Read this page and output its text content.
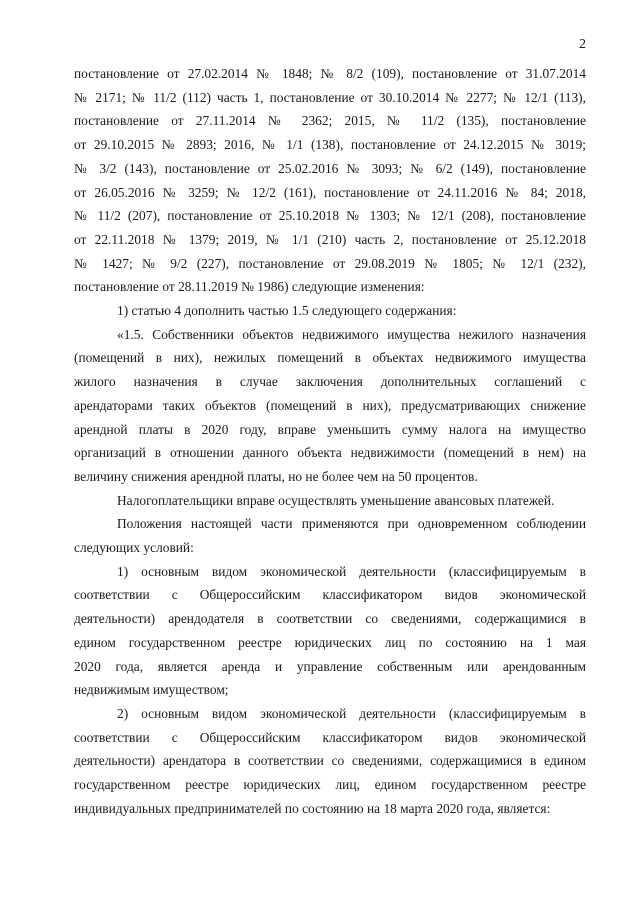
2

постановление от 27.02.2014 № 1848; № 8/2 (109), постановление от 31.07.2014

№ 2171; № 11/2 (112) часть 1, постановление от 30.10.2014 № 2277; № 12/1 (113),

постановление от 27.11.2014 № 2362; 2015, № 11/2 (135), постановление

от 29.10.2015 № 2893; 2016, № 1/1 (138), постановление от 24.12.2015 № 3019;

№ 3/2 (143), постановление от 25.02.2016 № 3093; № 6/2 (149), постановление

от 26.05.2016 № 3259; № 12/2 (161), постановление от 24.11.2016 № 84; 2018,

№ 11/2 (207), постановление от 25.10.2018 № 1303; № 12/1 (208), постановление

от 22.11.2018 № 1379; 2019, № 1/1 (210) часть 2, постановление от 25.12.2018

№ 1427; № 9/2 (227), постановление от 29.08.2019 № 1805; № 12/1 (232),

постановление от 28.11.2019 № 1986) следующие изменения:

1) статью 4 дополнить частью 1.5 следующего содержания:

«1.5. Собственники объектов недвижимого имущества нежилого назначения

(помещений в них), нежилых помещений в объектах недвижимого имущества

жилого назначения в случае заключения дополнительных соглашений с

арендаторами таких объектов (помещений в них), предусматривающих снижение

арендной платы в 2020 году, вправе уменьшить сумму налога на имущество

организаций в отношении данного объекта недвижимости (помещений в нем) на

величину снижения арендной платы, но не более чем на 50 процентов.

Налогоплательщики вправе осуществлять уменьшение авансовых платежей.

Положения настоящей части применяются при одновременном соблюдении

следующих условий:

1) основным видом экономической деятельности (классифицируемым в

соответствии с Общероссийским классификатором видов экономической

деятельности) арендодателя в соответствии со сведениями, содержащимися в

едином государственном реестре юридических лиц по состоянию на 1 мая

2020 года, является аренда и управление собственным или арендованным

недвижимым имуществом;

2) основным видом экономической деятельности (классифицируемым в

соответствии с Общероссийским классификатором видов экономической

деятельности) арендатора в соответствии со сведениями, содержащимися в едином

государственном реестре юридических лиц, едином государственном реестре

индивидуальных предпринимателей по состоянию на 18 марта 2020 года, является:
